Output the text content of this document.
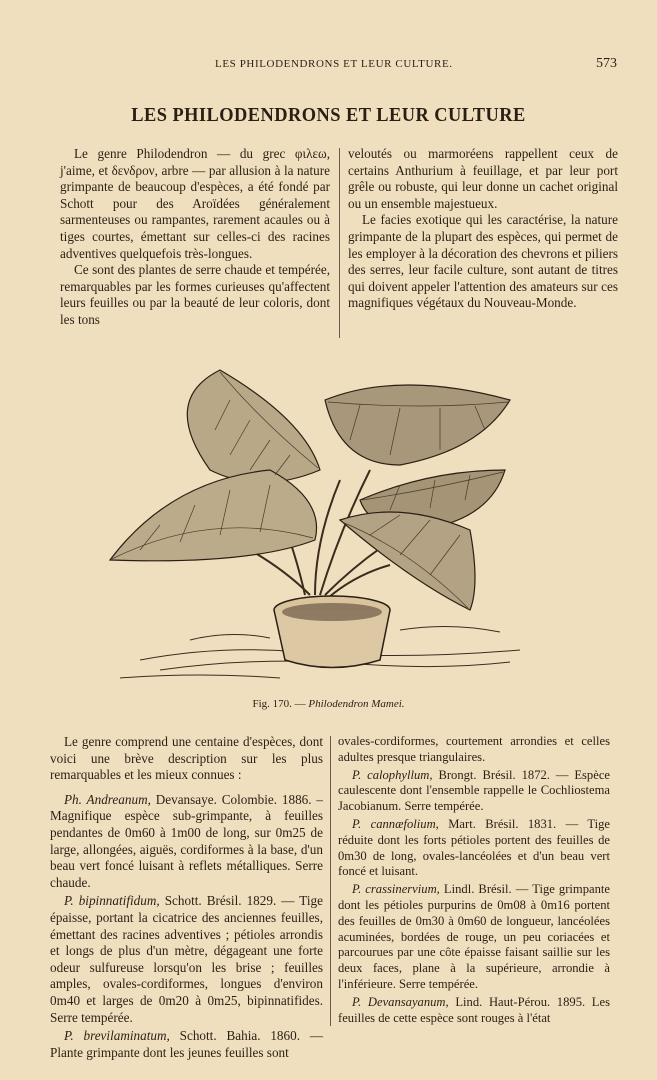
LES PHILODENDRONS ET LEUR CULTURE.	573
LES PHILODENDRONS ET LEUR CULTURE

Le genre Philodendron — du grec φιλεω, j'aime, et δενδρον, arbre — par allusion à la nature grimpante de beaucoup d'espèces, a été fondé par Schott pour des Aroïdées généralement sarmenteuses ou rampantes, rarement acaules ou à tiges courtes, émettant sur celles-ci des racines adventives quelquefois très-longues.

Ce sont des plantes de serre chaude et tempérée, remarquables par les formes curieuses qu'affectent leurs feuilles ou par la beauté de leur coloris, dont les tons

veloutés ou marmoréens rappellent ceux de certains Anthurium à feuillage, et par leur port grêle ou robuste, qui leur donne un cachet original ou un ensemble majestueux.

Le facies exotique qui les caractérise, la nature grimpante de la plupart des espèces, qui permet de les employer à la décoration des chevrons et piliers des serres, leur facile culture, sont autant de titres qui doivent appeler l'attention des amateurs sur ces magnifiques végétaux du Nouveau-Monde.

Fig. 170. — Philodendron Mamei.

Le genre comprend une centaine d'espèces, dont voici une brève description sur les plus remarquables et les mieux connues :

Ph. Andreanum, Devansaye. Colombie. 1886. – Magnifique espèce sub-grimpante, à feuilles pendantes de 0m60 à 1m00 de long, sur 0m25 de large, allongées, aiguës, cordiformes à la base, d'un beau vert foncé luisant à reflets métalliques. Serre chaude.

P. bipinnatifidum, Schott. Brésil. 1829. — Tige épaisse, portant la cicatrice des anciennes feuilles, émettant des racines adventives ; pétioles arrondis et longs de plus d'un mètre, dégageant une forte odeur sulfureuse lorsqu'on les brise ; feuilles amples, ovales-cordiformes, longues d'environ 0m40 et larges de 0m20 à 0m25, bipinnatifides. Serre tempérée.

P. brevilaminatum, Schott. Bahia. 1860. — Plante grimpante dont les jeunes feuilles sont

ovales-cordiformes, courtement arrondies et celles adultes presque triangulaires.

P. calophyllum, Brongt. Brésil. 1872. — Espèce caulescente dont l'ensemble rappelle le Cochliostema Jacobianum. Serre tempérée.

P. cannæfolium, Mart. Brésil. 1831. — Tige réduite dont les forts pétioles portent des feuilles de 0m30 de long, ovales-lancéolées et d'un beau vert foncé et luisant.

P. crassinervium, Lindl. Brésil. — Tige grimpante dont les pétioles purpurins de 0m08 à 0m16 portent des feuilles de 0m30 à 0m60 de longueur, lancéolées acuminées, bordées de rouge, un peu coriacées et parcourues par une côte épaisse faisant saillie sur les deux faces, plane à la supérieure, arrondie à l'inférieure. Serre tempérée.

P. Devansayanum, Lind. Haut-Pérou. 1895. Les feuilles de cette espèce sont rouges à l'état
